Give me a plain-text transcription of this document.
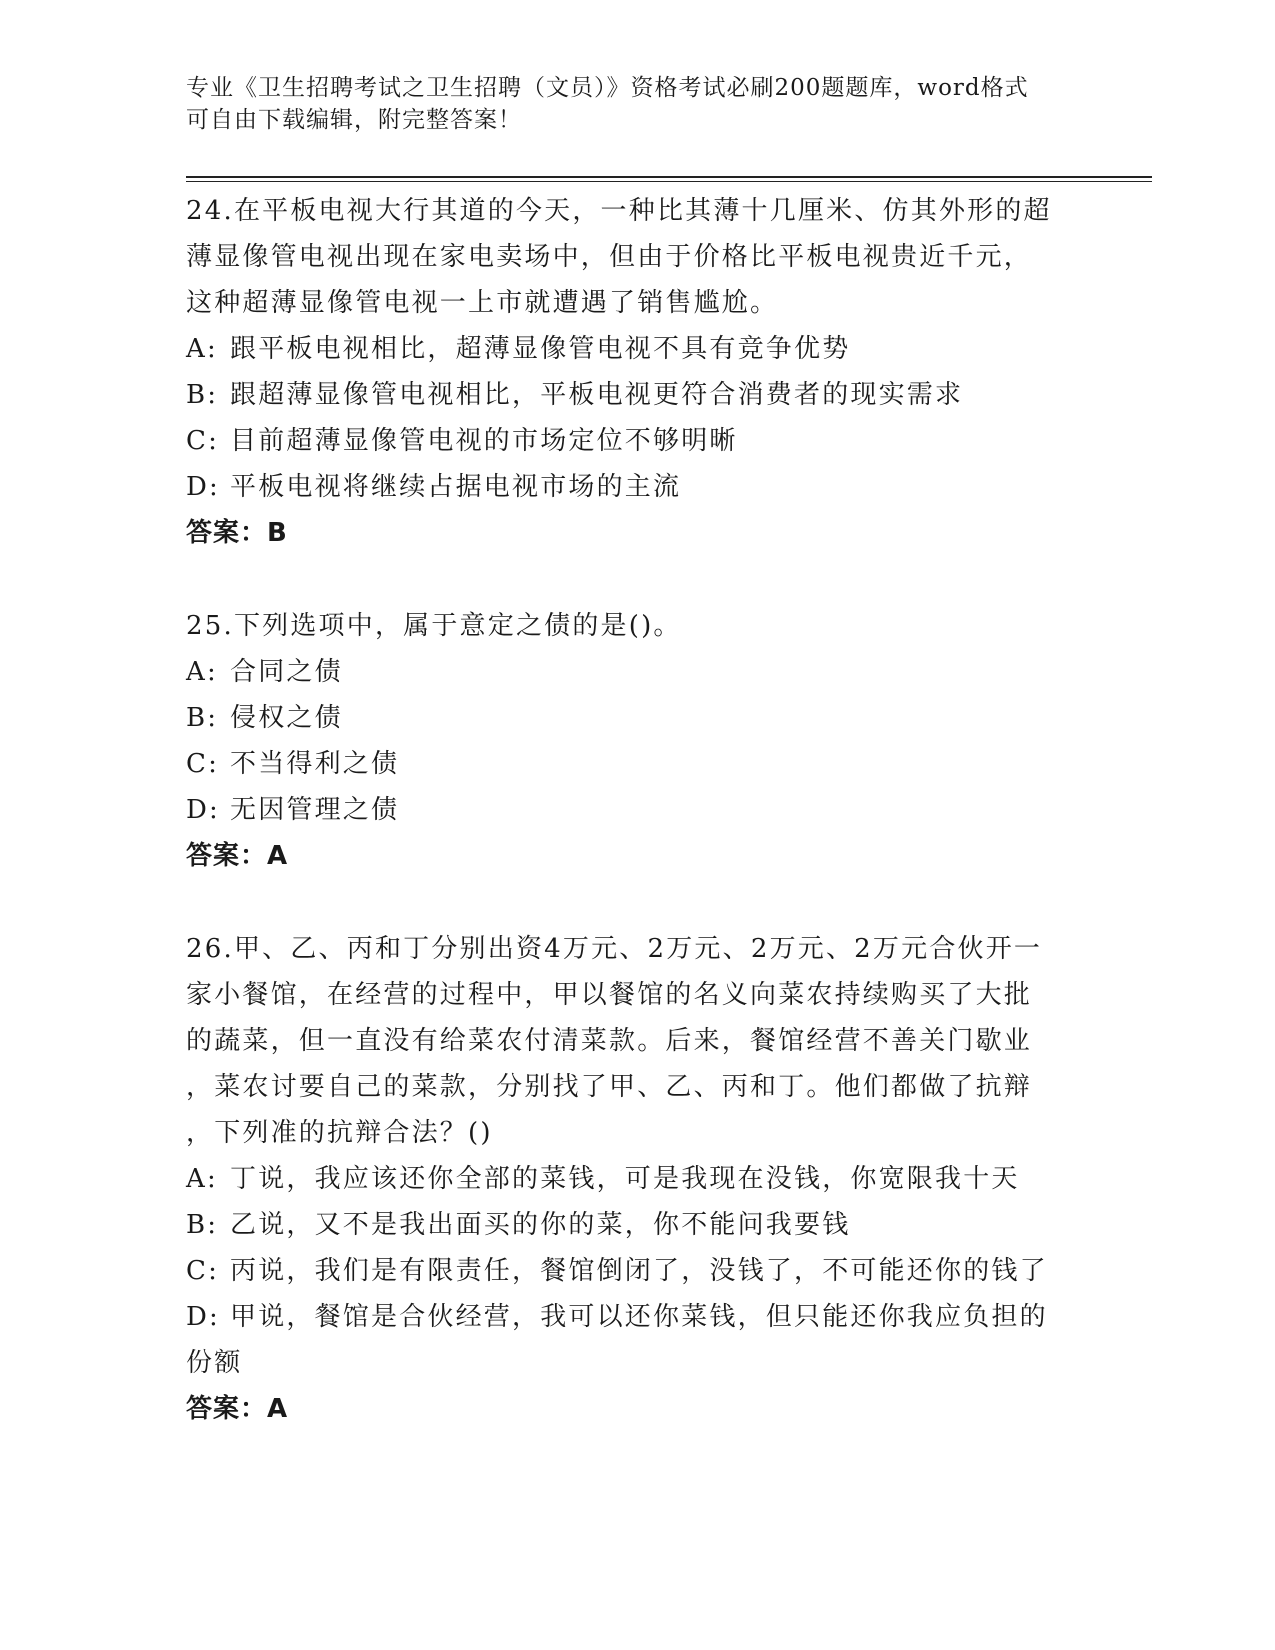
专业《卫生招聘考试之卫生招聘（文员）》资格考试必刷200题题库，word格式
可自由下载编辑，附完整答案！
24.在平板电视大行其道的今天，一种比其薄十几厘米、仿其外形的超
薄显像管电视出现在家电卖场中，但由于价格比平板电视贵近千元，
这种超薄显像管电视一上市就遭遇了销售尴尬。
A: 跟平板电视相比，超薄显像管电视不具有竞争优势
B: 跟超薄显像管电视相比，平板电视更符合消费者的现实需求
C: 目前超薄显像管电视的市场定位不够明晰
D: 平板电视将继续占据电视市场的主流
答案：B
25.下列选项中，属于意定之债的是()。
A: 合同之债
B: 侵权之债
C: 不当得利之债
D: 无因管理之债
答案：A
26.甲、乙、丙和丁分别出资4万元、2万元、2万元、2万元合伙开一
家小餐馆，在经营的过程中，甲以餐馆的名义向菜农持续购买了大批
的蔬菜，但一直没有给菜农付清菜款。后来，餐馆经营不善关门歇业
，菜农讨要自己的菜款，分别找了甲、乙、丙和丁。他们都做了抗辩
，下列准的抗辩合法？()
A: 丁说，我应该还你全部的菜钱，可是我现在没钱，你宽限我十天
B: 乙说，又不是我出面买的你的菜，你不能问我要钱
C: 丙说，我们是有限责任，餐馆倒闭了，没钱了，不可能还你的钱了
D: 甲说，餐馆是合伙经营，我可以还你菜钱，但只能还你我应负担的
份额
答案：A
